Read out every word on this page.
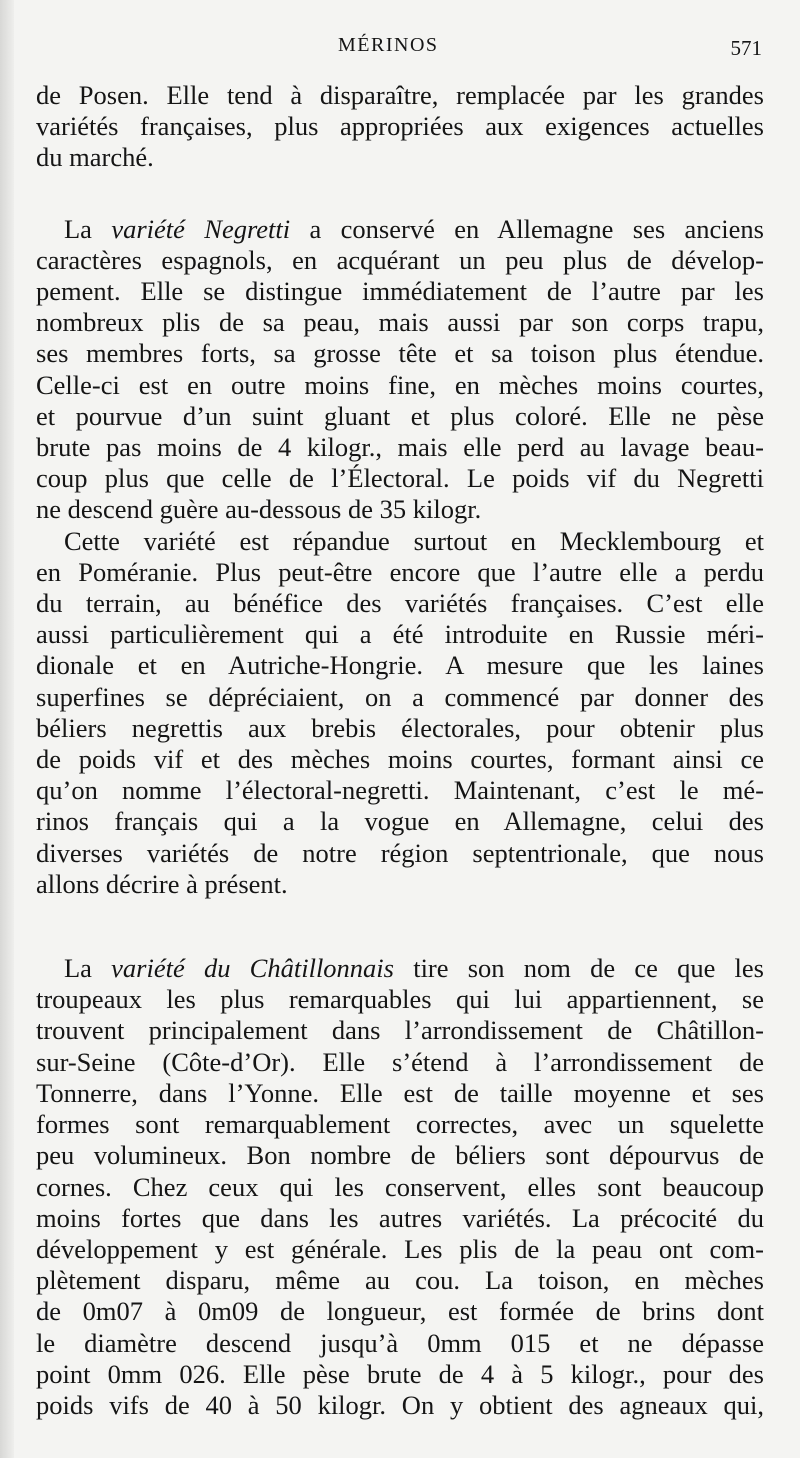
MÉRINOS	571

de Posen. Elle tend à disparaître, remplacée par les grandes

variétés françaises, plus appropriées aux exigences actuelles

du marché.

La variété Negretti a conservé en Allemagne ses anciens

caractères espagnols, en acquérant un peu plus de dévelop-

pement. Elle se distingue immédiatement de l’autre par les

nombreux plis de sa peau, mais aussi par son corps trapu,

ses membres forts, sa grosse tête et sa toison plus étendue.

Celle-ci est en outre moins fine, en mèches moins courtes,

et pourvue d’un suint gluant et plus coloré. Elle ne pèse

brute pas moins de 4 kilogr., mais elle perd au lavage beau-

coup plus que celle de l’Électoral. Le poids vif du Negretti

ne descend guère au-dessous de 35 kilogr.

Cette variété est répandue surtout en Mecklembourg et

en Poméranie. Plus peut-être encore que l’autre elle a perdu

du terrain, au bénéfice des variétés françaises. C’est elle

aussi particulièrement qui a été introduite en Russie méri-

dionale et en Autriche-Hongrie. A mesure que les laines

superfines se dépréciaient, on a commencé par donner des

béliers negrettis aux brebis électorales, pour obtenir plus

de poids vif et des mèches moins courtes, formant ainsi ce

qu’on nomme l’électoral-negretti. Maintenant, c’est le mé-

rinos français qui a la vogue en Allemagne, celui des

diverses variétés de notre région septentrionale, que nous

allons décrire à présent.

La variété du Châtillonnais tire son nom de ce que les

troupeaux les plus remarquables qui lui appartiennent, se

trouvent principalement dans l’arrondissement de Châtillon-

sur-Seine (Côte-d’Or). Elle s’étend à l’arrondissement de

Tonnerre, dans l’Yonne. Elle est de taille moyenne et ses

formes sont remarquablement correctes, avec un squelette

peu volumineux. Bon nombre de béliers sont dépourvus de

cornes. Chez ceux qui les conservent, elles sont beaucoup

moins fortes que dans les autres variétés. La précocité du

développement y est générale. Les plis de la peau ont com-

plètement disparu, même au cou. La toison, en mèches

de 0m07 à 0m09 de longueur, est formée de brins dont

le diamètre descend jusqu’à 0mm 015 et ne dépasse

point 0mm 026. Elle pèse brute de 4 à 5 kilogr., pour des

poids vifs de 40 à 50 kilogr. On y obtient des agneaux qui,
